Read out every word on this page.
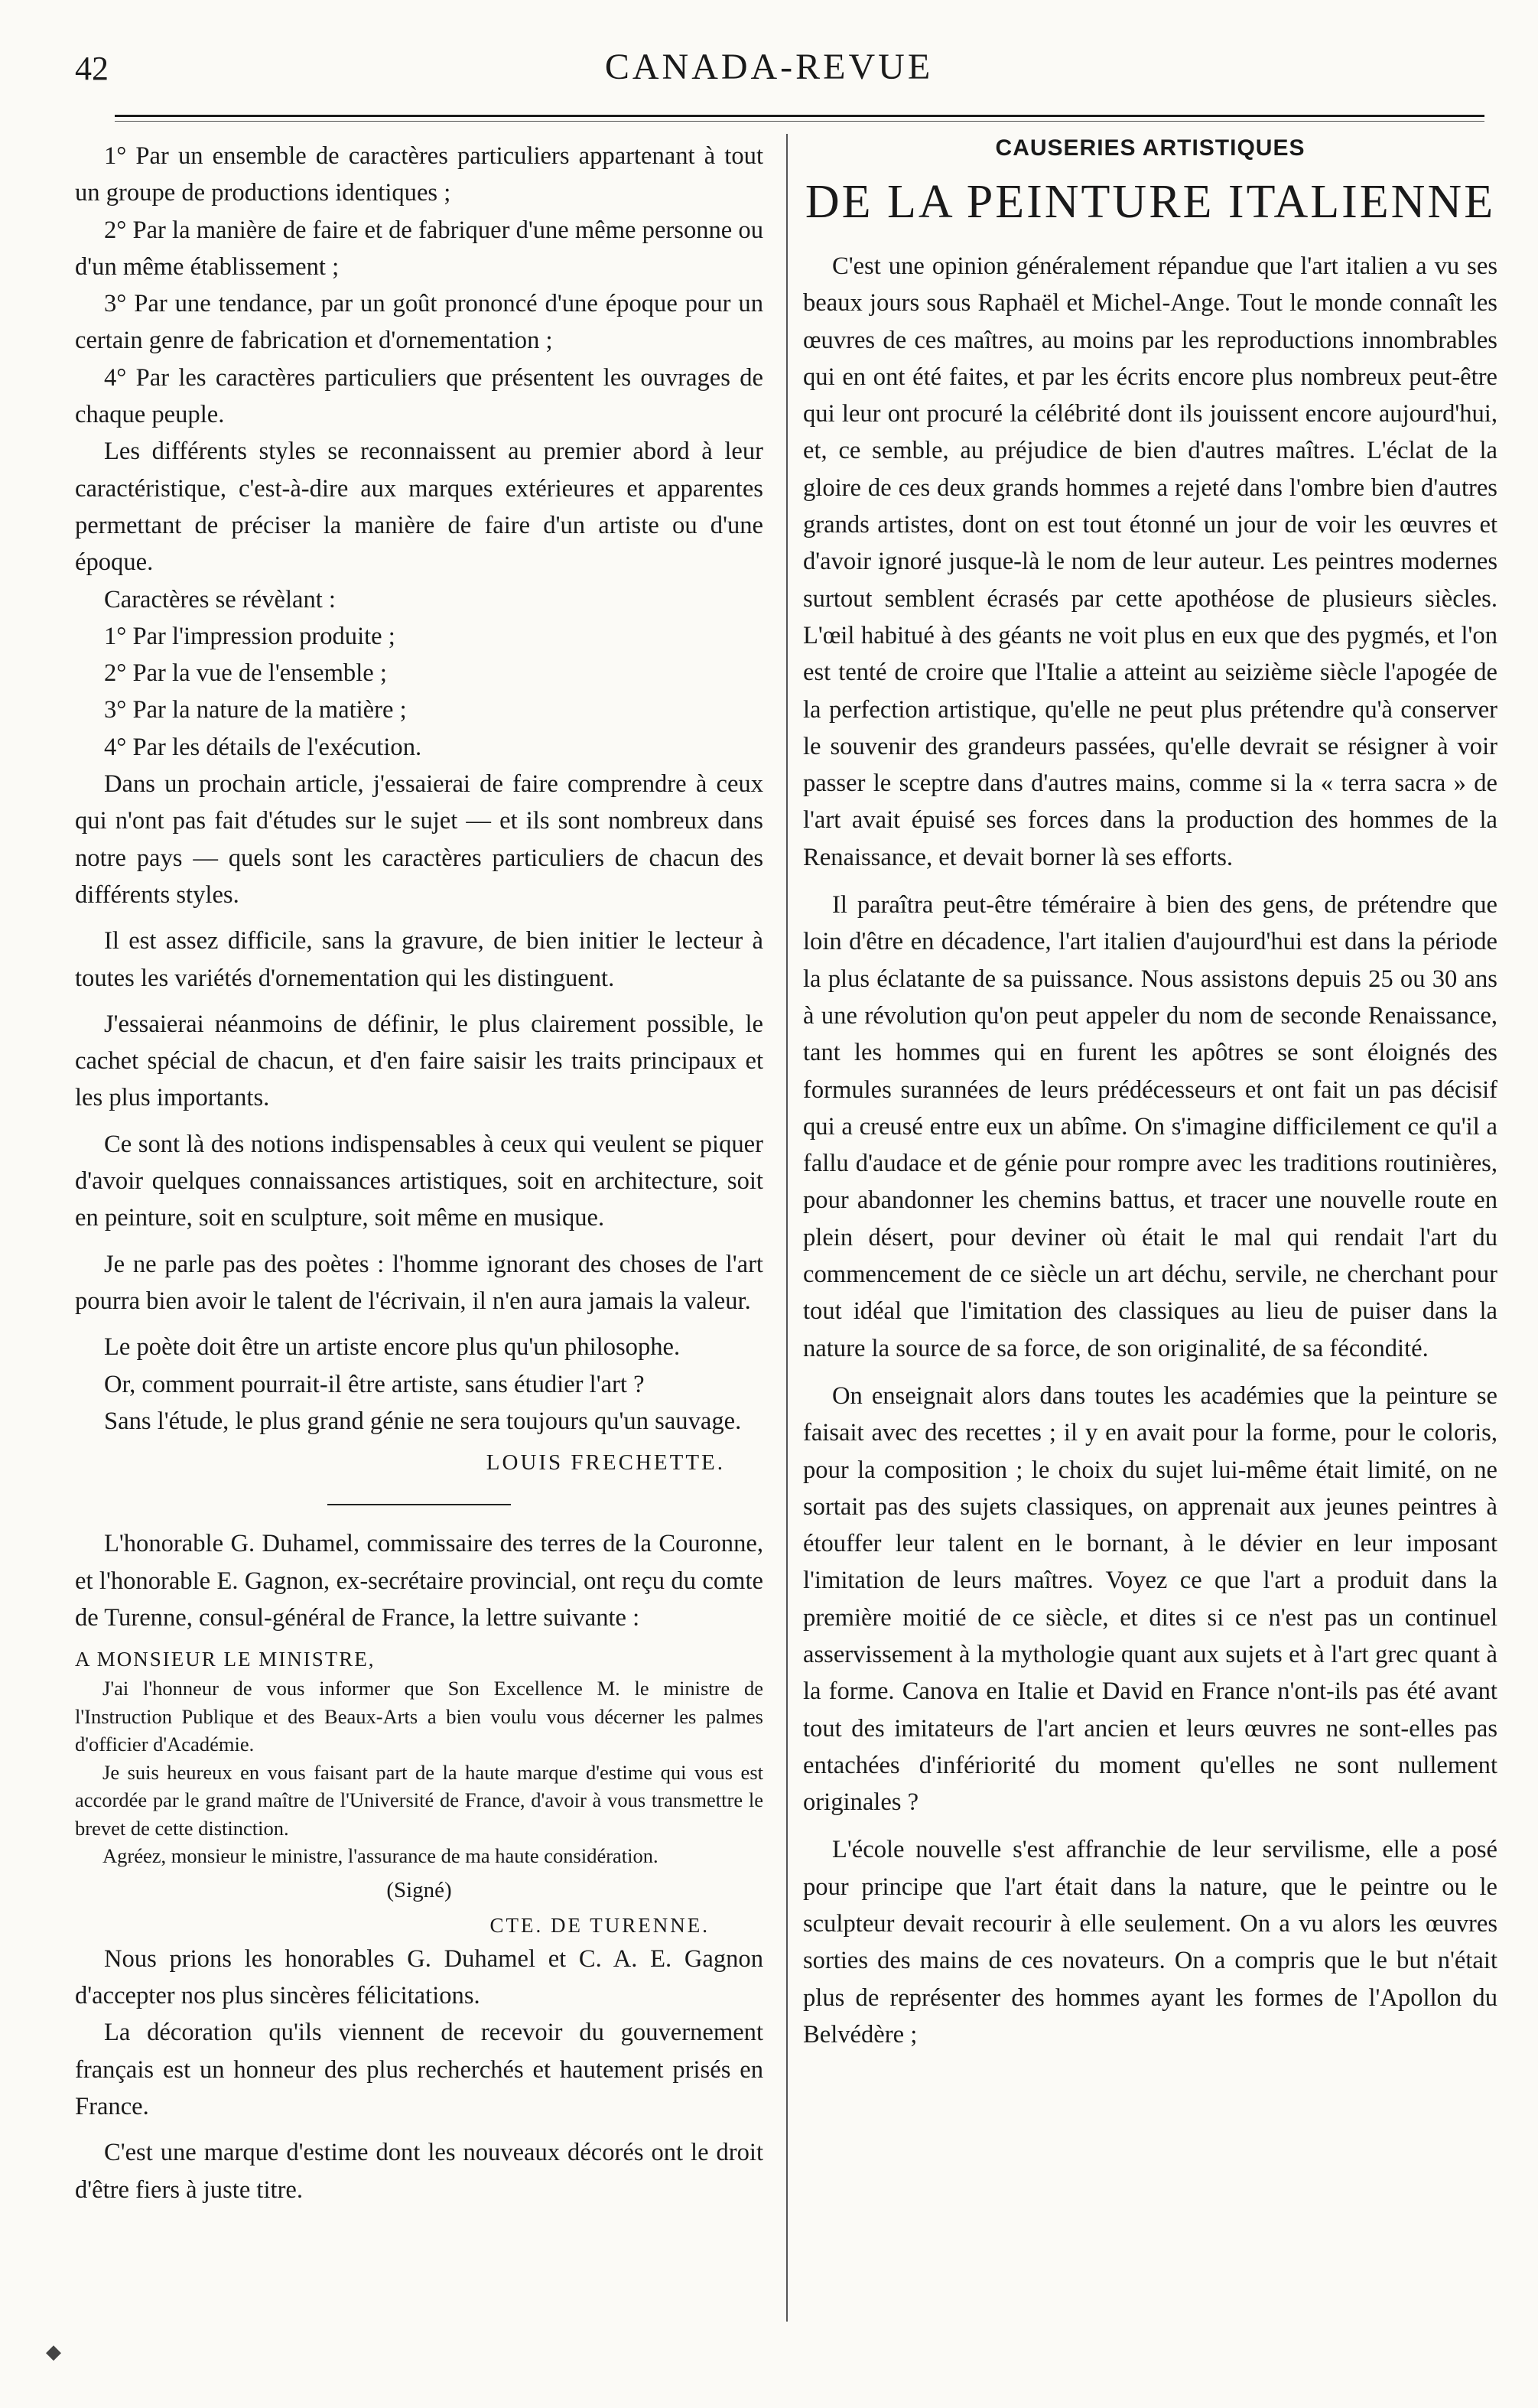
42	CANADA-REVUE

1° Par un ensemble de caractères particuliers appartenant à tout un groupe de productions identiques ;

2° Par la manière de faire et de fabriquer d'une même personne ou d'un même établissement ;

3° Par une tendance, par un goût prononcé d'une époque pour un certain genre de fabrication et d'ornementation ;

4° Par les caractères particuliers que présentent les ouvrages de chaque peuple.

Les différents styles se reconnaissent au premier abord à leur caractéristique, c'est-à-dire aux marques extérieures et apparentes permettant de préciser la manière de faire d'un artiste ou d'une époque.

Caractères se révèlant :

1° Par l'impression produite ;

2° Par la vue de l'ensemble ;

3° Par la nature de la matière ;

4° Par les détails de l'exécution.

Dans un prochain article, j'essaierai de faire comprendre à ceux qui n'ont pas fait d'études sur le sujet — et ils sont nombreux dans notre pays — quels sont les caractères particuliers de chacun des différents styles.

Il est assez difficile, sans la gravure, de bien initier le lecteur à toutes les variétés d'ornementation qui les distinguent.

J'essaierai néanmoins de définir, le plus clairement possible, le cachet spécial de chacun, et d'en faire saisir les traits principaux et les plus importants.

Ce sont là des notions indispensables à ceux qui veulent se piquer d'avoir quelques connaissances artistiques, soit en architecture, soit en peinture, soit en sculpture, soit même en musique.

Je ne parle pas des poètes : l'homme ignorant des choses de l'art pourra bien avoir le talent de l'écrivain, il n'en aura jamais la valeur.

Le poète doit être un artiste encore plus qu'un philosophe.

Or, comment pourrait-il être artiste, sans étudier l'art ?

Sans l'étude, le plus grand génie ne sera toujours qu'un sauvage.

LOUIS FRECHETTE.

L'honorable G. Duhamel, commissaire des terres de la Couronne, et l'honorable E. Gagnon, ex-secrétaire provincial, ont reçu du comte de Turenne, consul-général de France, la lettre suivante :

A MONSIEUR LE MINISTRE,

J'ai l'honneur de vous informer que Son Excellence M. le ministre de l'Instruction Publique et des Beaux-Arts a bien voulu vous décerner les palmes d'officier d'Académie.

Je suis heureux en vous faisant part de la haute marque d'estime qui vous est accordée par le grand maître de l'Université de France, d'avoir à vous transmettre le brevet de cette distinction.

Agréez, monsieur le ministre, l'assurance de ma haute considération.

(Signé)
CTE. DE TURENNE.

Nous prions les honorables G. Duhamel et C. A. E. Gagnon d'accepter nos plus sincères félicitations.

La décoration qu'ils viennent de recevoir du gouvernement français est un honneur des plus recherchés et hautement prisés en France.

C'est une marque d'estime dont les nouveaux décorés ont le droit d'être fiers à juste titre.

CAUSERIES ARTISTIQUES
DE LA PEINTURE ITALIENNE

C'est une opinion généralement répandue que l'art italien a vu ses beaux jours sous Raphaël et Michel-Ange. Tout le monde connaît les œuvres de ces maîtres, au moins par les reproductions innombrables qui en ont été faites, et par les écrits encore plus nombreux peut-être qui leur ont procuré la célébrité dont ils jouissent encore aujourd'hui, et, ce semble, au préjudice de bien d'autres maîtres. L'éclat de la gloire de ces deux grands hommes a rejeté dans l'ombre bien d'autres grands artistes, dont on est tout étonné un jour de voir les œuvres et d'avoir ignoré jusque-là le nom de leur auteur. Les peintres modernes surtout semblent écrasés par cette apothéose de plusieurs siècles. L'œil habitué à des géants ne voit plus en eux que des pygmés, et l'on est tenté de croire que l'Italie a atteint au seizième siècle l'apogée de la perfection artistique, qu'elle ne peut plus prétendre qu'à conserver le souvenir des grandeurs passées, qu'elle devrait se résigner à voir passer le sceptre dans d'autres mains, comme si la « terra sacra » de l'art avait épuisé ses forces dans la production des hommes de la Renaissance, et devait borner là ses efforts.

Il paraîtra peut-être téméraire à bien des gens, de prétendre que loin d'être en décadence, l'art italien d'aujourd'hui est dans la période la plus éclatante de sa puissance. Nous assistons depuis 25 ou 30 ans à une révolution qu'on peut appeler du nom de seconde Renaissance, tant les hommes qui en furent les apôtres se sont éloignés des formules surannées de leurs prédécesseurs et ont fait un pas décisif qui a creusé entre eux un abîme. On s'imagine difficilement ce qu'il a fallu d'audace et de génie pour rompre avec les traditions routinières, pour abandonner les chemins battus, et tracer une nouvelle route en plein désert, pour deviner où était le mal qui rendait l'art du commencement de ce siècle un art déchu, servile, ne cherchant pour tout idéal que l'imitation des classiques au lieu de puiser dans la nature la source de sa force, de son originalité, de sa fécondité.

On enseignait alors dans toutes les académies que la peinture se faisait avec des recettes ; il y en avait pour la forme, pour le coloris, pour la composition ; le choix du sujet lui-même était limité, on ne sortait pas des sujets classiques, on apprenait aux jeunes peintres à étouffer leur talent en le bornant, à le dévier en leur imposant l'imitation de leurs maîtres. Voyez ce que l'art a produit dans la première moitié de ce siècle, et dites si ce n'est pas un continuel asservissement à la mythologie quant aux sujets et à l'art grec quant à la forme. Canova en Italie et David en France n'ont-ils pas été avant tout des imitateurs de l'art ancien et leurs œuvres ne sont-elles pas entachées d'infériorité du moment qu'elles ne sont nullement originales ?

L'école nouvelle s'est affranchie de leur servilisme, elle a posé pour principe que l'art était dans la nature, que le peintre ou le sculpteur devait recourir à elle seulement. On a vu alors les œuvres sorties des mains de ces novateurs. On a compris que le but n'était plus de représenter des hommes ayant les formes de l'Apollon du Belvédère ;

◆
